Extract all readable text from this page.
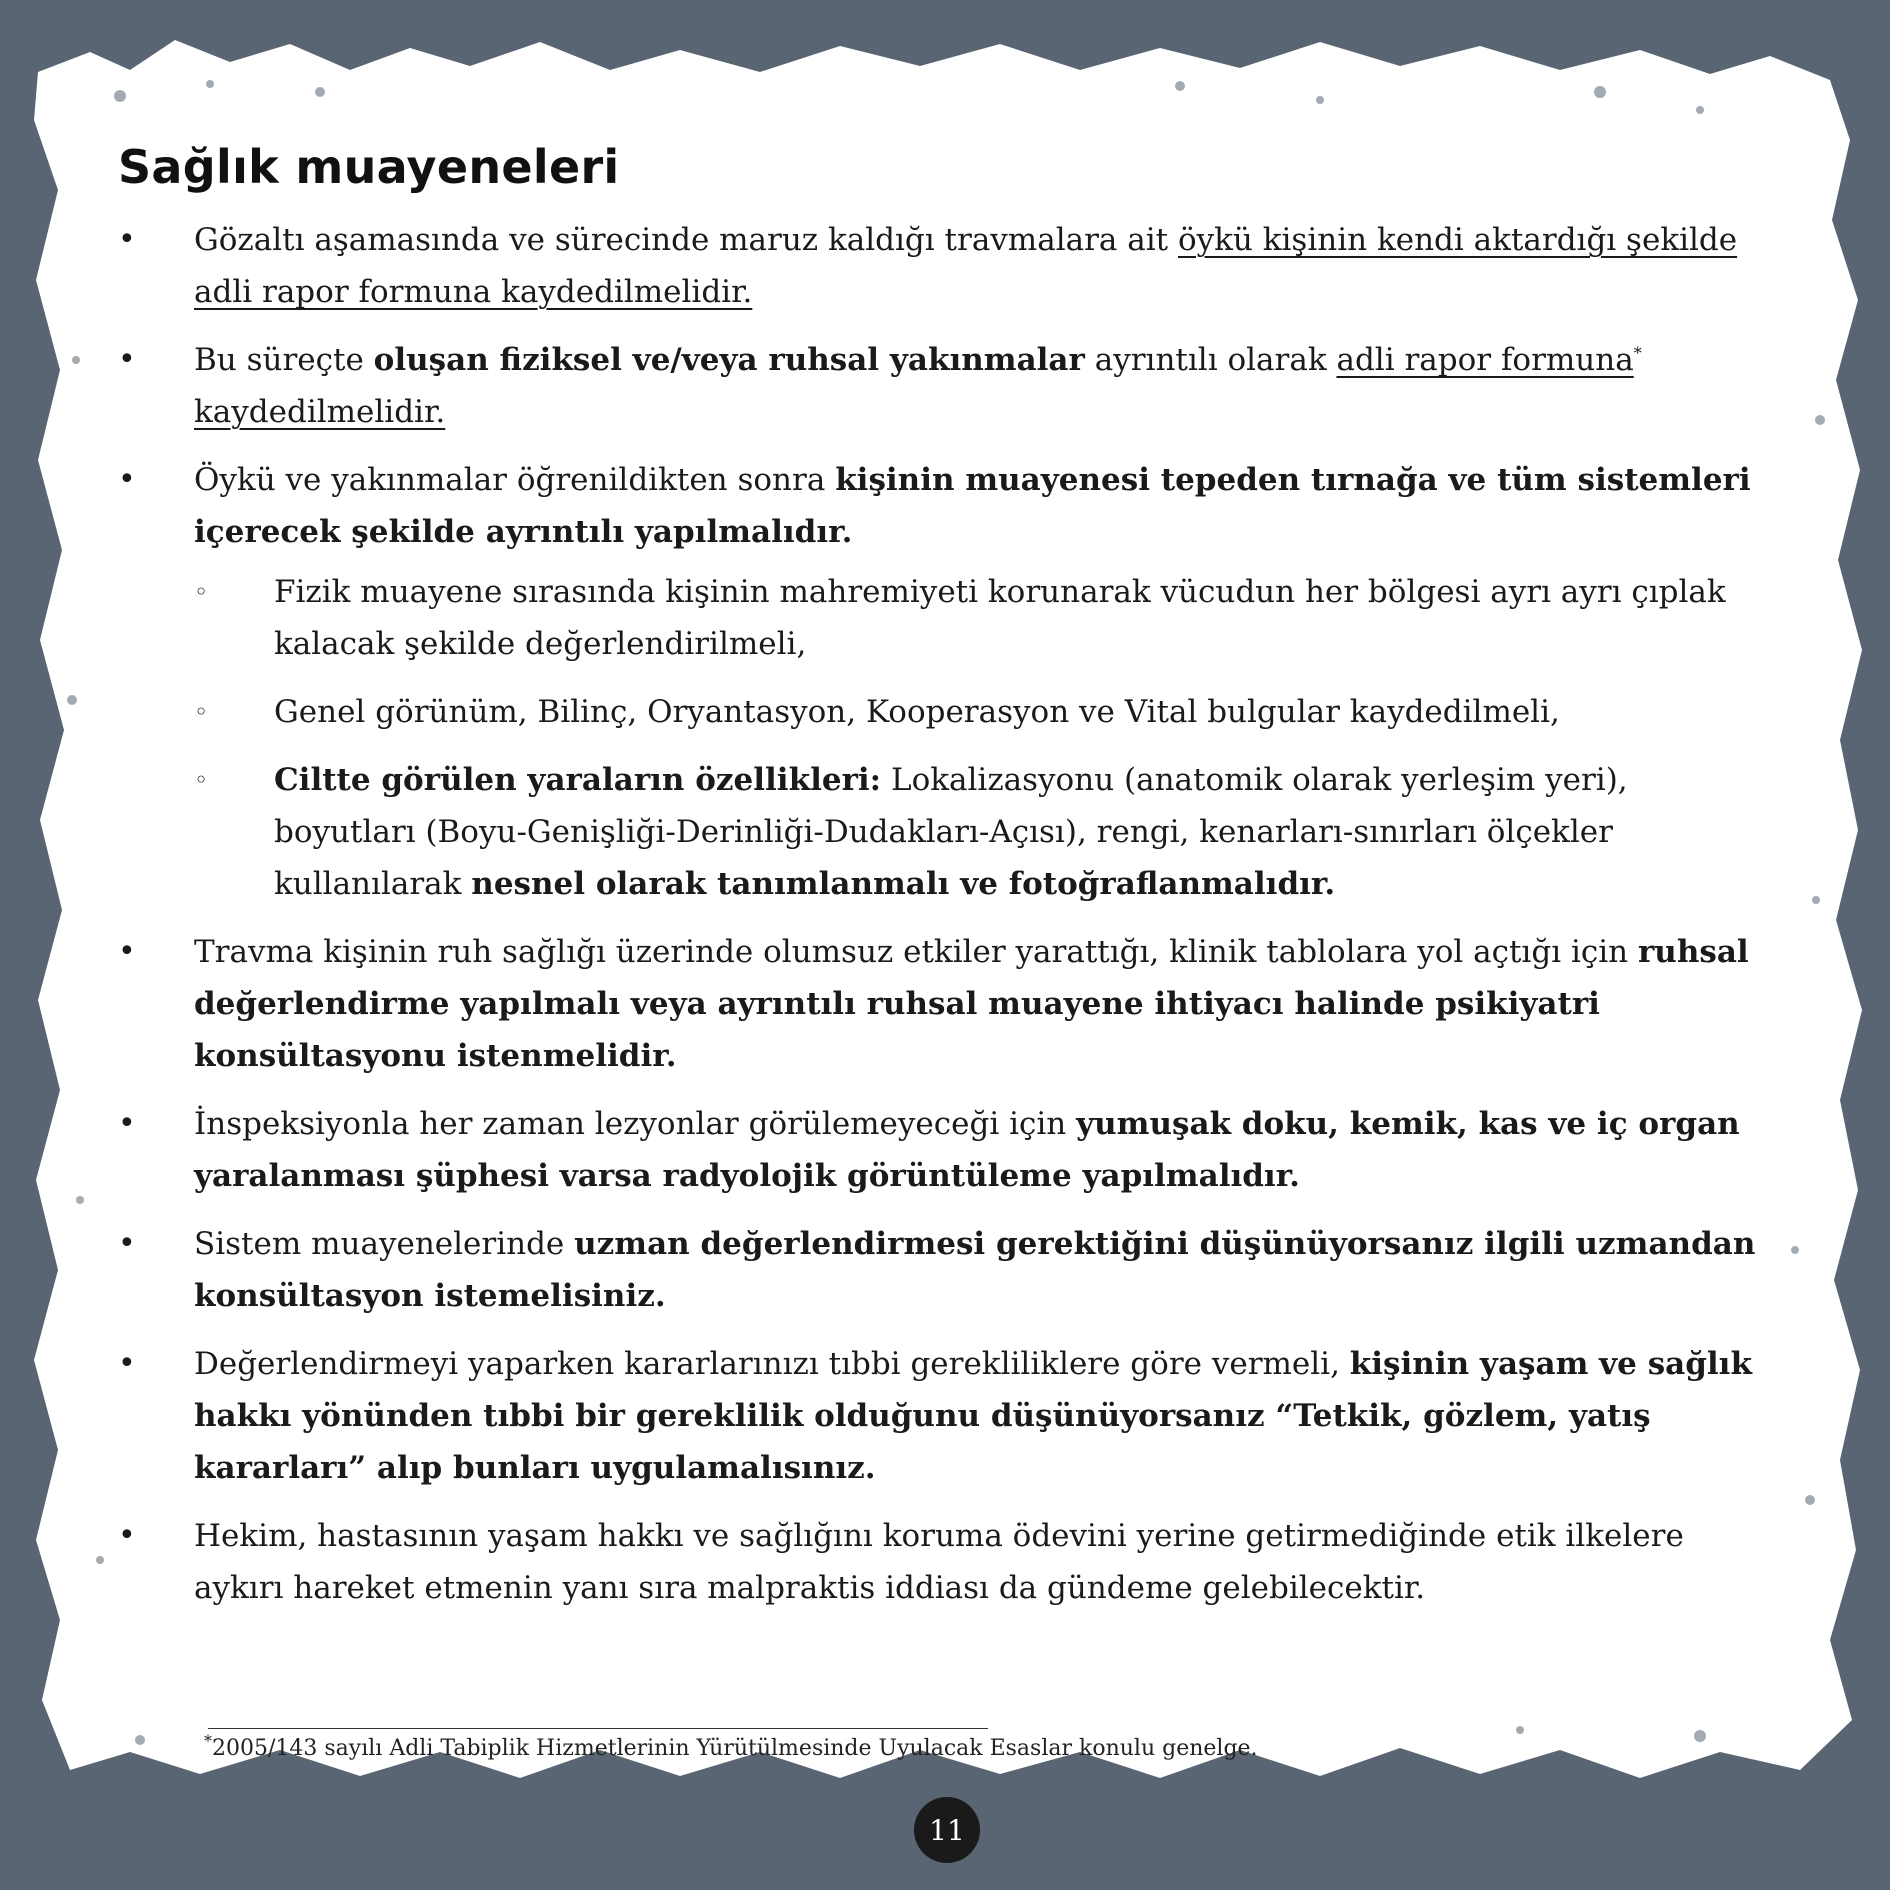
Sağlık muayeneleri
• Gözaltı aşamasında ve sürecinde maruz kaldığı travmalara ait öykü kişinin kendi aktardığı şekilde adli rapor formuna kaydedilmelidir.
• Bu süreçte oluşan fiziksel ve/veya ruhsal yakınmalar ayrıntılı olarak adli rapor formuna* kaydedilmelidir.
• Öykü ve yakınmalar öğrenildikten sonra kişinin muayenesi tepeden tırnağa ve tüm sistemleri içerecek şekilde ayrıntılı yapılmalıdır.
◦ Fizik muayene sırasında kişinin mahremiyeti korunarak vücudun her bölgesi ayrı ayrı çıplak kalacak şekilde değerlendirilmeli,
◦ Genel görünüm, Bilinç, Oryantasyon, Kooperasyon ve Vital bulgular kaydedilmeli,
◦ Ciltte görülen yaraların özellikleri: Lokalizasyonu (anatomik olarak yerleşim yeri), boyutları (Boyu-Genişliği-Derinliği-Dudakları-Açısı), rengi, kenarları-sınırları ölçekler kullanılarak nesnel olarak tanımlanmalı ve fotoğraflanmalıdır.
• Travma kişinin ruh sağlığı üzerinde olumsuz etkiler yarattığı, klinik tablolara yol açtığı için ruhsal değerlendirme yapılmalı veya ayrıntılı ruhsal muayene ihtiyacı halinde psikiyatri konsültasyonu istenmelidir.
• İnspeksiyonla her zaman lezyonlar görülemeyeceği için yumuşak doku, kemik, kas ve iç organ yaralanması şüphesi varsa radyolojik görüntüleme yapılmalıdır.
• Sistem muayenelerinde uzman değerlendirmesi gerektiğini düşünüyorsanız ilgili uzmandan konsültasyon istemelisiniz.
• Değerlendirmeyi yaparken kararlarınızı tıbbi gerekliliklere göre vermeli, kişinin yaşam ve sağlık hakkı yönünden tıbbi bir gereklilik olduğunu düşünüyorsanız “Tetkik, gözlem, yatış kararları” alıp bunları uygulamalısınız.
• Hekim, hastasının yaşam hakkı ve sağlığını koruma ödevini yerine getirmediğinde etik ilkelere aykırı hareket etmenin yanı sıra malpraktis iddiası da gündeme gelebilecektir.
*2005/143 sayılı Adli Tabiplik Hizmetlerinin Yürütülmesinde Uyulacak Esaslar konulu genelge.
11
